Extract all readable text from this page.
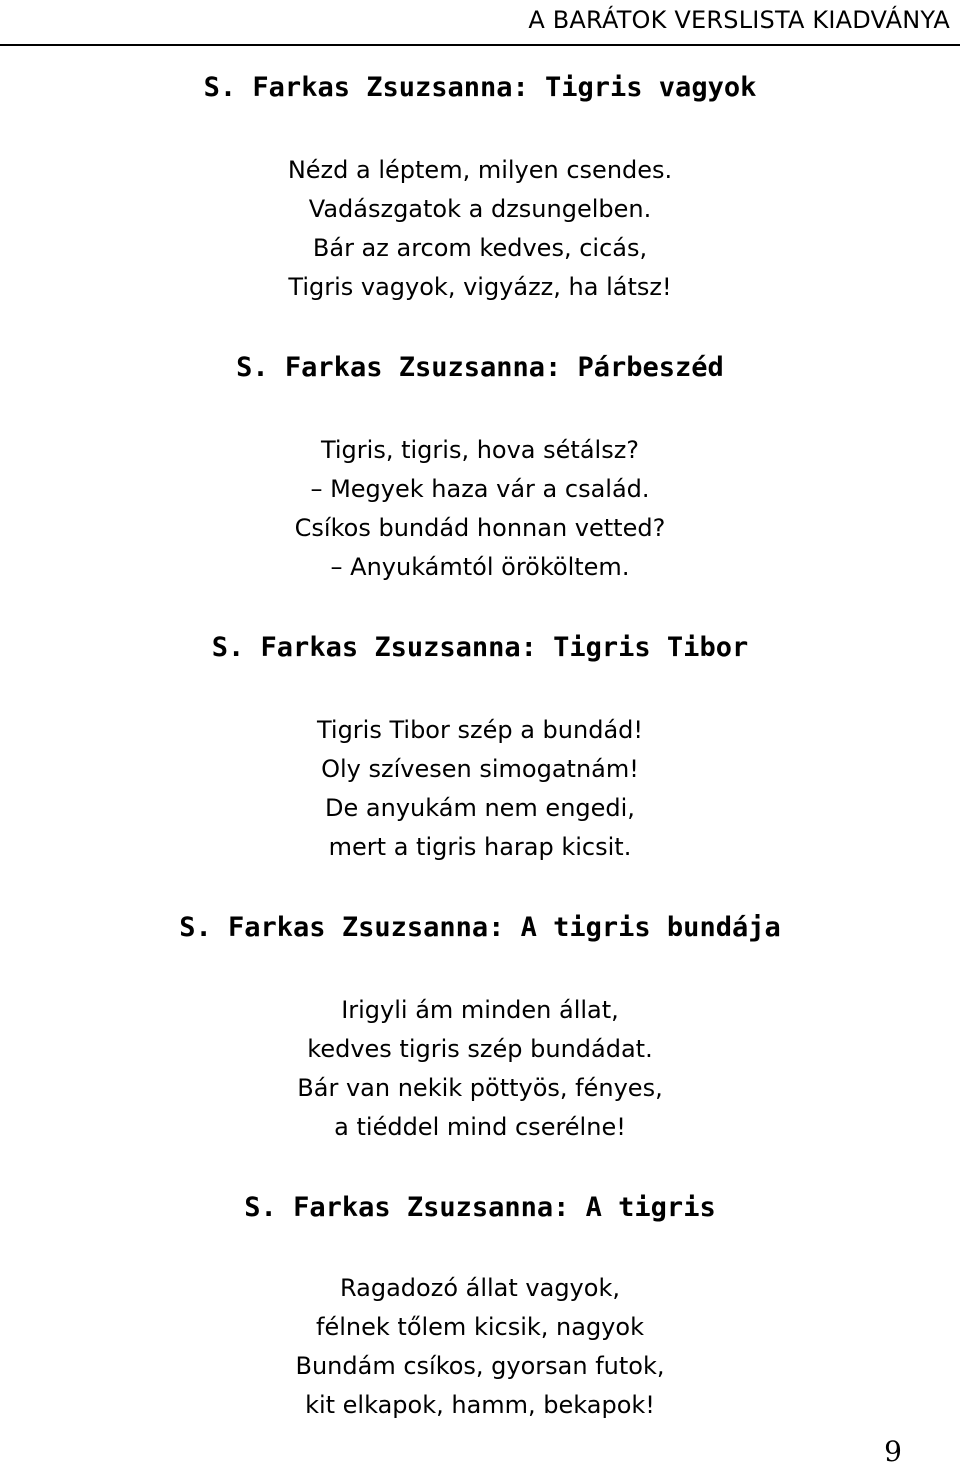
A BARÁTOK VERSLISTA KIADVÁNYA
S. Farkas Zsuzsanna: Tigris vagyok
Nézd a léptem, milyen csendes.
Vadászgatok a dzsungelben.
Bár az arcom kedves, cicás,
Tigris vagyok, vigyázz, ha látsz!
S. Farkas Zsuzsanna: Párbeszéd
Tigris, tigris, hova sétálsz?
– Megyek haza vár a család.
Csíkos bundád honnan vetted?
– Anyukámtól örököltem.
S. Farkas Zsuzsanna: Tigris Tibor
Tigris Tibor szép a bundád!
Oly szívesen simogatnám!
De anyukám nem engedi,
mert a tigris harap kicsit.
S. Farkas Zsuzsanna: A tigris bundája
Irigyli ám minden állat,
kedves tigris szép bundádat.
Bár van nekik pöttyös, fényes,
a tiéddel mind cserélne!
S. Farkas Zsuzsanna: A tigris
Ragadozó állat vagyok,
félnek tőlem kicsik, nagyok
Bundám csíkos, gyorsan futok,
kit elkapok, hamm, bekapok!
9
